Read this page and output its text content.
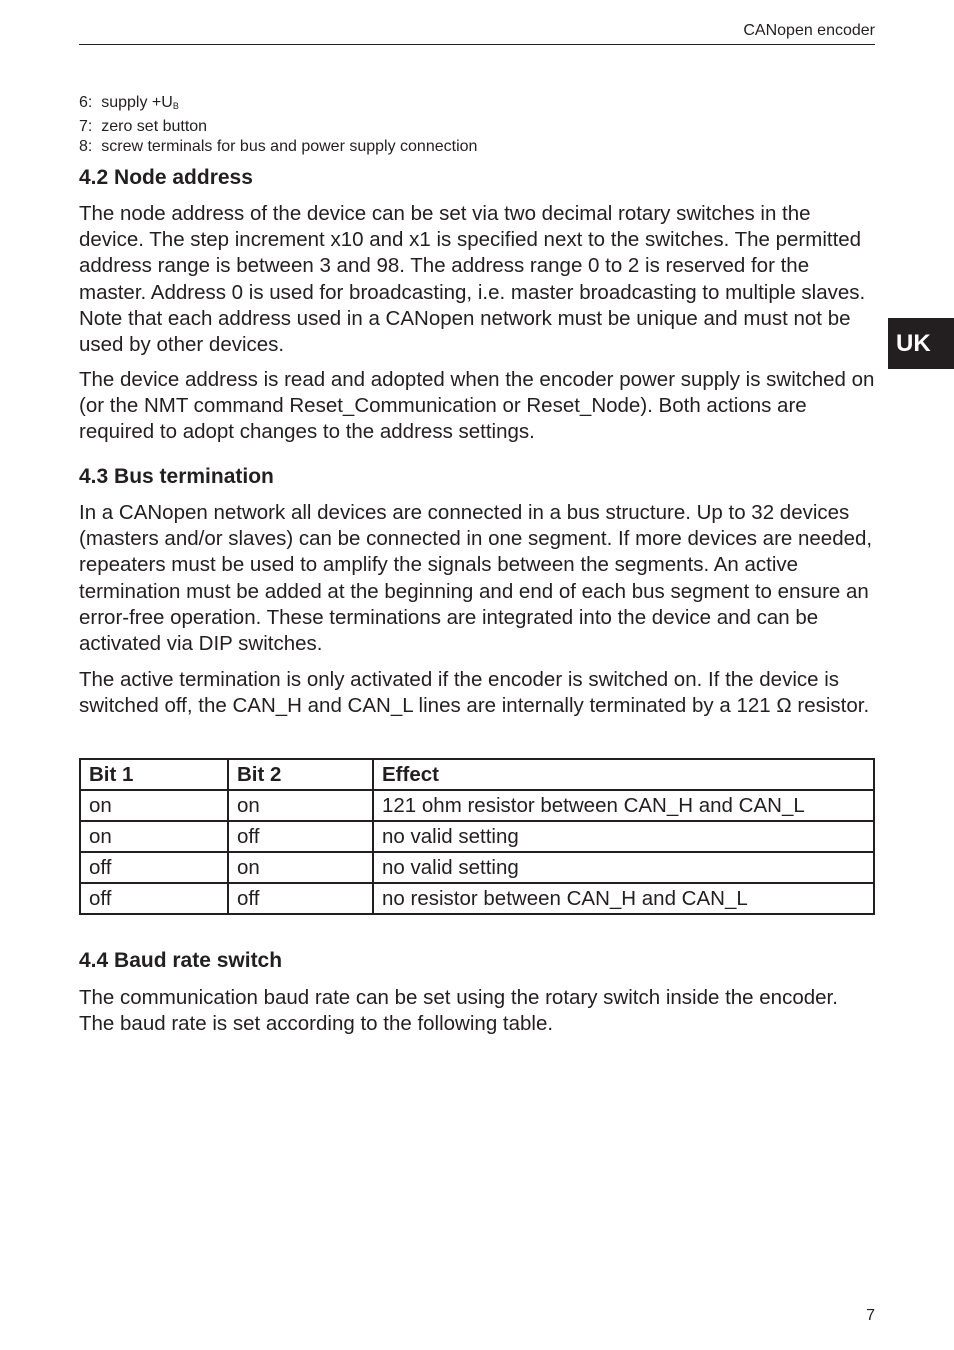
CANopen encoder
UK
6: supply $+U_B$
7: zero set button
8: screw terminals for bus and power supply connection
4.2 Node address

The node address of the device can be set via two decimal rotary switches in the device. The step increment x10 and x1 is specified next to the switches. The permitted address range is between 3 and 98. The address range 0 to 2 is reserved for the master. Address 0 is used for broadcasting, i.e. master broadcasting to multiple slaves. Note that each address used in a CANopen network must be unique and must not be used by other devices.

The device address is read and adopted when the encoder power supply is switched on (or the NMT command Reset_Communication or Reset_Node). Both actions are required to adopt changes to the address settings.

4.3 Bus termination

In a CANopen network all devices are connected in a bus structure. Up to 32 devices (masters and/or slaves) can be connected in one segment. If more devices are needed, repeaters must be used to amplify the signals between the segments. An active termination must be added at the beginning and end of each bus segment to ensure an error-free operation. These terminations are integrated into the device and can be activated via DIP switches.

The active termination is only activated if the encoder is switched on. If the device is switched off, the CAN_H and CAN_L lines are internally terminated by a 121 Ω resistor.

Bit 1	Bit 2	Effect
on	on	121 ohm resistor between CAN_H and CAN_L
on	off	no valid setting
off	on	no valid setting
off	off	no resistor between CAN_H and CAN_L
4.4 Baud rate switch

The communication baud rate can be set using the rotary switch inside the encoder. The baud rate is set according to the following table.

7
